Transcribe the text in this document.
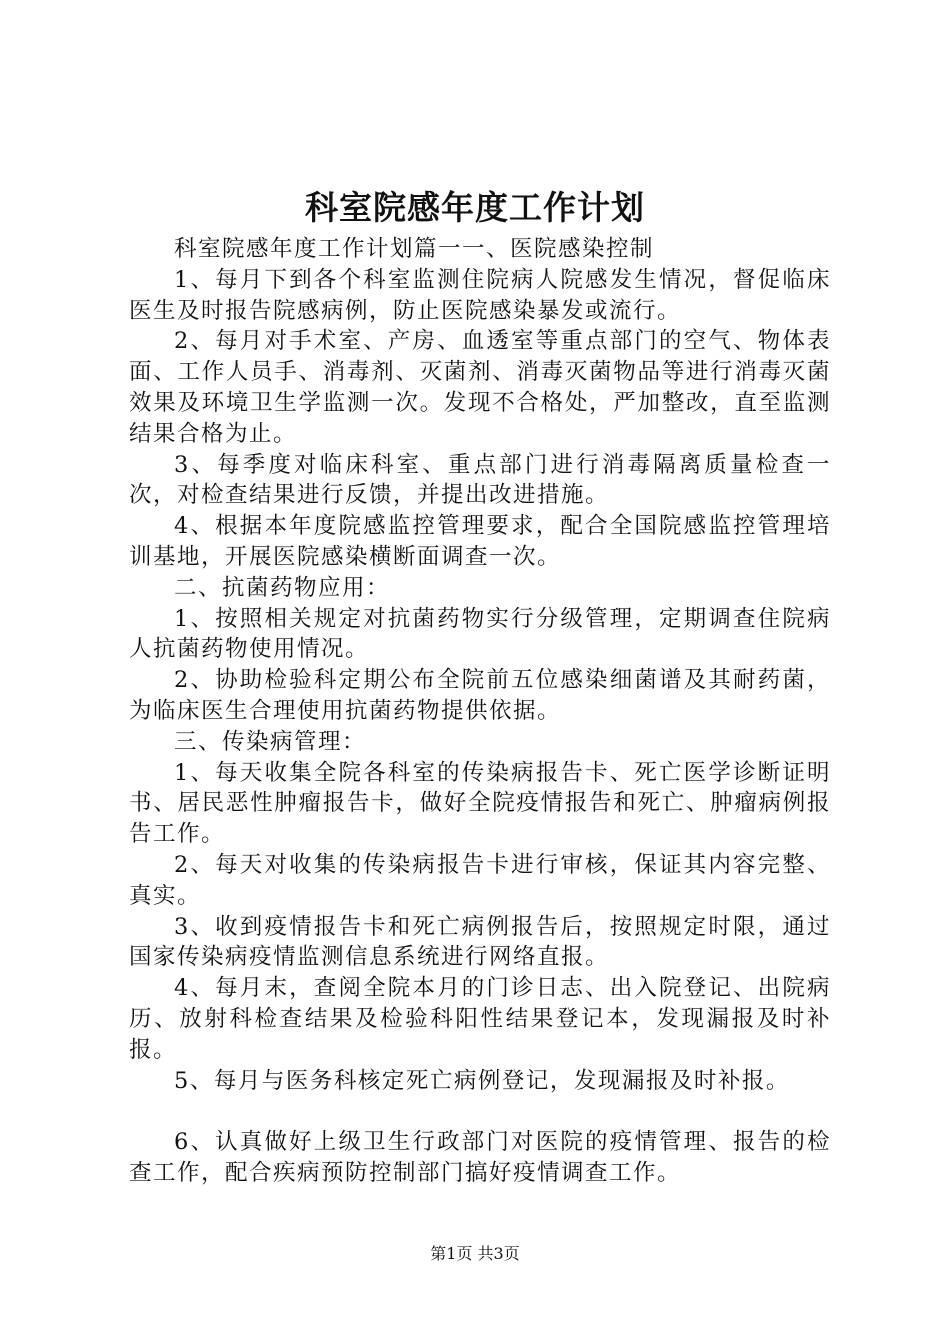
科室院感年度工作计划

科室院感年度工作计划篇一一、医院感染控制

1、每月下到各个科室监测住院病人院感发生情况，督促临床医生及时报告院感病例，防止医院感染暴发或流行。

2、每月对手术室、产房、血透室等重点部门的空气、物体表面、工作人员手、消毒剂、灭菌剂、消毒灭菌物品等进行消毒灭菌效果及环境卫生学监测一次。发现不合格处，严加整改，直至监测结果合格为止。

3、每季度对临床科室、重点部门进行消毒隔离质量检查一次，对检查结果进行反馈，并提出改进措施。

4、根据本年度院感监控管理要求，配合全国院感监控管理培训基地，开展医院感染横断面调查一次。

二、抗菌药物应用：

1、按照相关规定对抗菌药物实行分级管理，定期调查住院病人抗菌药物使用情况。

2、协助检验科定期公布全院前五位感染细菌谱及其耐药菌，为临床医生合理使用抗菌药物提供依据。

三、传染病管理：

1、每天收集全院各科室的传染病报告卡、死亡医学诊断证明书、居民恶性肿瘤报告卡，做好全院疫情报告和死亡、肿瘤病例报告工作。

2、每天对收集的传染病报告卡进行审核，保证其内容完整、真实。

3、收到疫情报告卡和死亡病例报告后，按照规定时限，通过国家传染病疫情监测信息系统进行网络直报。

4、每月末，查阅全院本月的门诊日志、出入院登记、出院病历、放射科检查结果及检验科阳性结果登记本，发现漏报及时补报。

5、每月与医务科核定死亡病例登记，发现漏报及时补报。

6、认真做好上级卫生行政部门对医院的疫情管理、报告的检查工作，配合疾病预防控制部门搞好疫情调查工作。

第1页 共3页
